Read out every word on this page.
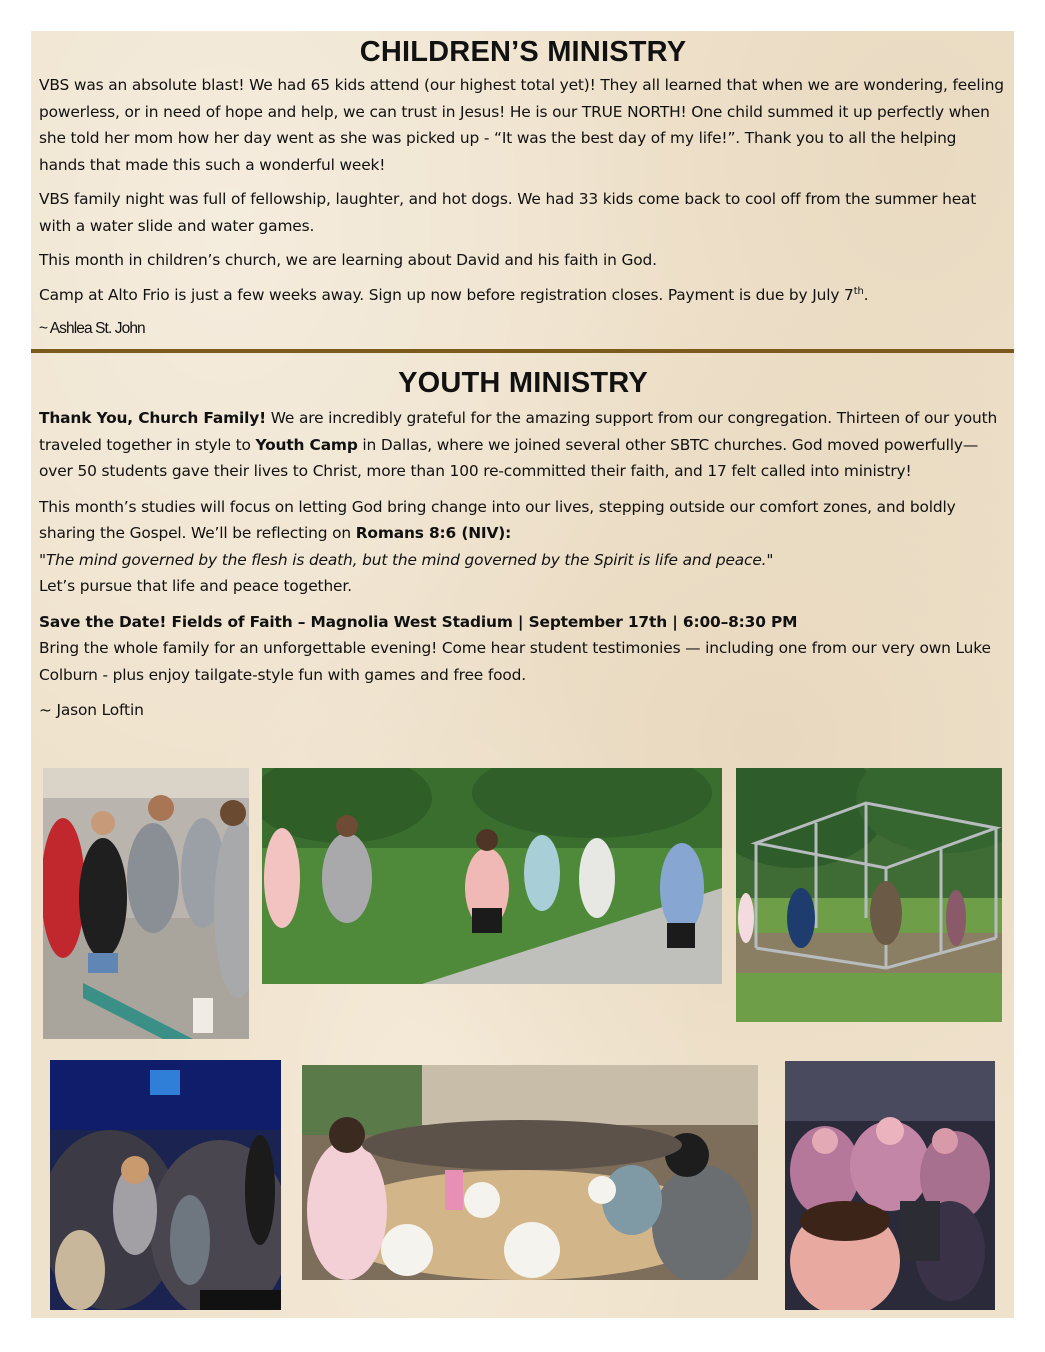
CHILDREN’S MINISTRY

VBS was an absolute blast! We had 65 kids attend (our highest total yet)! They all learned that when we are wondering, feeling powerless, or in need of hope and help, we can trust in Jesus! He is our TRUE NORTH! One child summed it up perfectly when she told her mom how her day went as she was picked up - “It was the best day of my life!”. Thank you to all the helping hands that made this such a wonderful week!

VBS family night was full of fellowship, laughter, and hot dogs. We had 33 kids come back to cool off from the summer heat with a water slide and water games.

This month in children’s church, we are learning about David and his faith in God.

Camp at Alto Frio is just a few weeks away. Sign up now before registration closes. Payment is due by July 7th.

~ Ashlea St. John

YOUTH MINISTRY

Thank You, Church Family! We are incredibly grateful for the amazing support from our congregation. Thirteen of our youth traveled together in style to Youth Camp in Dallas, where we joined several other SBTC churches. God moved powerfully—over 50 students gave their lives to Christ, more than 100 re-committed their faith, and 17 felt called into ministry!

This month’s studies will focus on letting God bring change into our lives, stepping outside our comfort zones, and boldly sharing the Gospel. We’ll be reflecting on Romans 8:6 (NIV):
"The mind governed by the flesh is death, but the mind governed by the Spirit is life and peace."
Let’s pursue that life and peace together.

Save the Date! Fields of Faith – Magnolia West Stadium | September 17th | 6:00–8:30 PM
Bring the whole family for an unforgettable evening! Come hear student testimonies — including one from our very own Luke Colburn - plus enjoy tailgate-style fun with games and free food.

~ Jason Loftin
